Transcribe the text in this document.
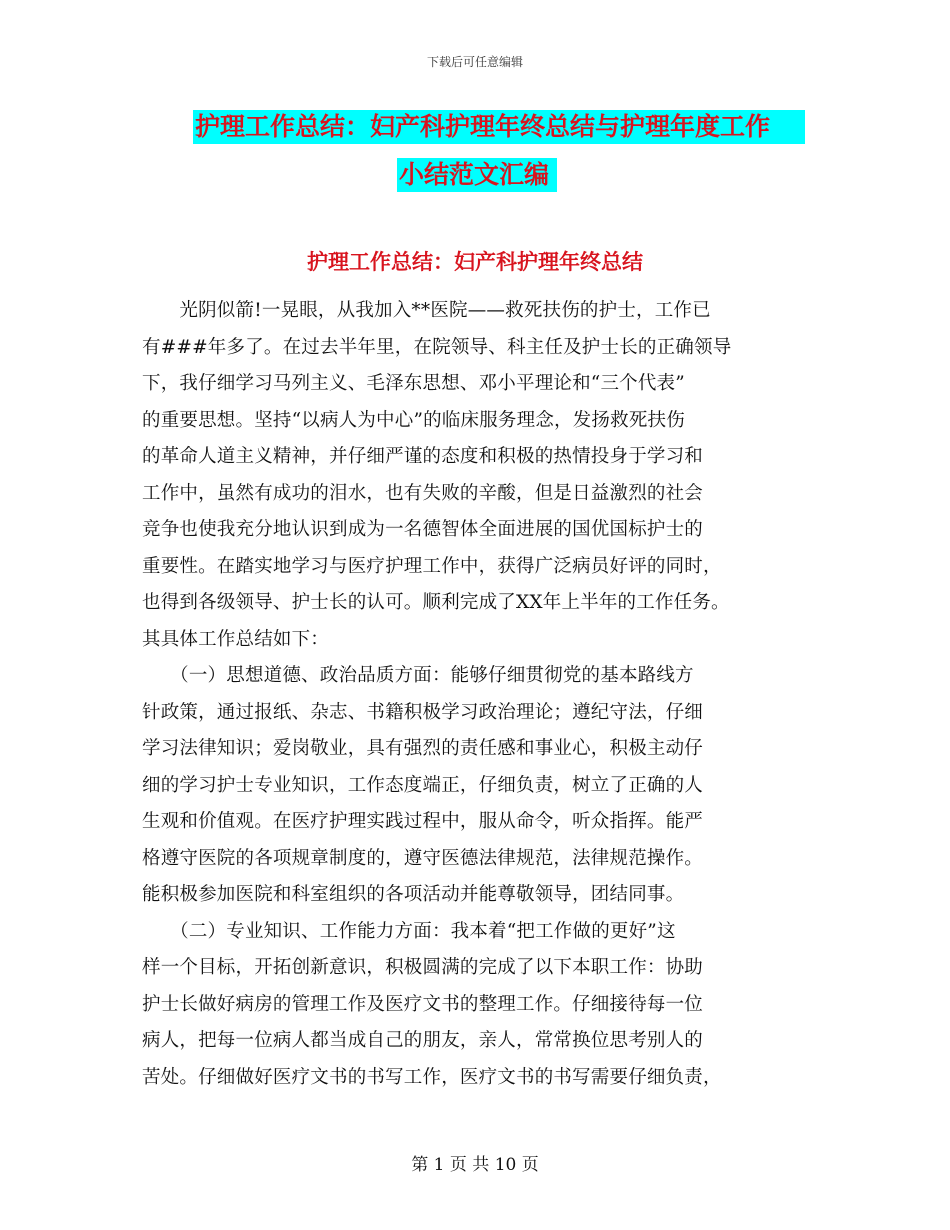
下载后可任意编辑
护理工作总结：妇产科护理年终总结与护理年度工作
小结范文汇编
护理工作总结：妇产科护理年终总结
　　光阴似箭!一晃眼，从我加入**医院——救死扶伤的护士，工作已
有###年多了。在过去半年里，在院领导、科主任及护士长的正确领导
下，我仔细学习马列主义、毛泽东思想、邓小平理论和“三个代表”
的重要思想。坚持“以病人为中心”的临床服务理念，发扬救死扶伤
的革命人道主义精神，并仔细严谨的态度和积极的热情投身于学习和
工作中，虽然有成功的泪水，也有失败的辛酸，但是日益激烈的社会
竞争也使我充分地认识到成为一名德智体全面进展的国优国标护士的
重要性。在踏实地学习与医疗护理工作中，获得广泛病员好评的同时，
也得到各级领导、护士长的认可。顺利完成了XX年上半年的工作任务。
其具体工作总结如下：
　　（一）思想道德、政治品质方面：能够仔细贯彻党的基本路线方
针政策，通过报纸、杂志、书籍积极学习政治理论；遵纪守法，仔细
学习法律知识；爱岗敬业，具有强烈的责任感和事业心，积极主动仔
细的学习护士专业知识，工作态度端正，仔细负责，树立了正确的人
生观和价值观。在医疗护理实践过程中，服从命令，听众指挥。能严
格遵守医院的各项规章制度的，遵守医德法律规范，法律规范操作。
能积极参加医院和科室组织的各项活动并能尊敬领导，团结同事。
　　（二）专业知识、工作能力方面：我本着“把工作做的更好”这
样一个目标，开拓创新意识，积极圆满的完成了以下本职工作：协助
护士长做好病房的管理工作及医疗文书的整理工作。仔细接待每一位
病人，把每一位病人都当成自己的朋友，亲人，常常换位思考别人的
苦处。仔细做好医疗文书的书写工作，医疗文书的书写需要仔细负责，
第 1 页 共 10 页
